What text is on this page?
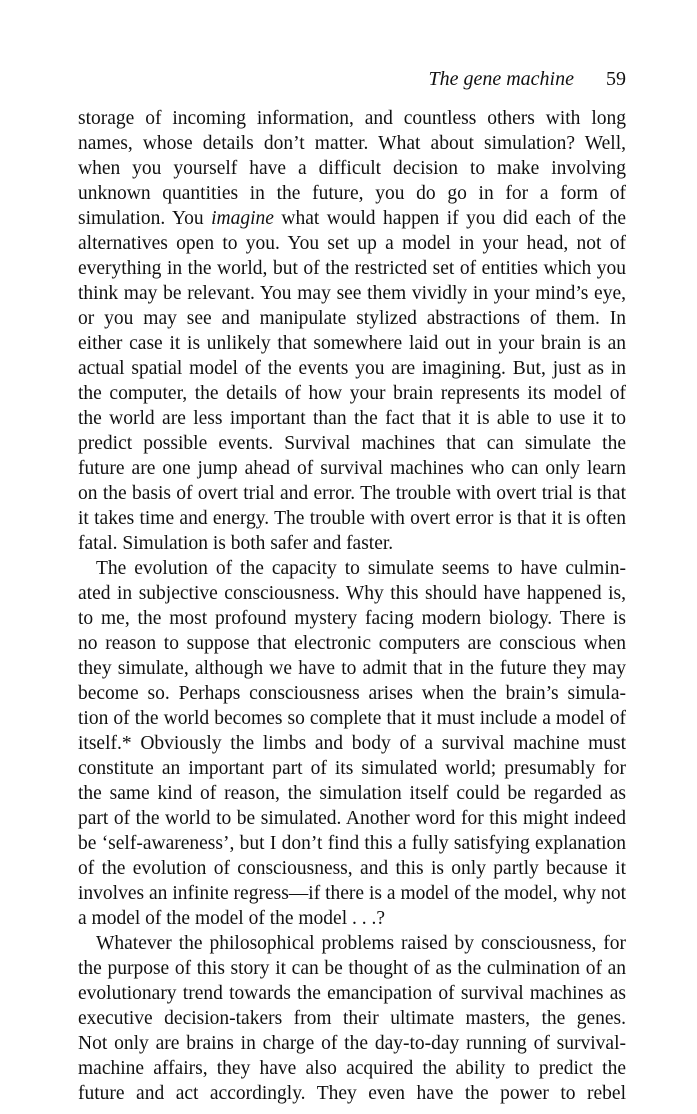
The gene machine 59
storage of incoming information, and countless others with long
names, whose details don’t matter. What about simulation? Well,
when you yourself have a difficult decision to make involving
unknown quantities in the future, you do go in for a form of
simulation. You imagine what would happen if you did each of the
alternatives open to you. You set up a model in your head, not of
everything in the world, but of the restricted set of entities which you
think may be relevant. You may see them vividly in your mind’s eye,
or you may see and manipulate stylized abstractions of them. In
either case it is unlikely that somewhere laid out in your brain is an
actual spatial model of the events you are imagining. But, just as in
the computer, the details of how your brain represents its model of
the world are less important than the fact that it is able to use it to
predict possible events. Survival machines that can simulate the
future are one jump ahead of survival machines who can only learn
on the basis of overt trial and error. The trouble with overt trial is that
it takes time and energy. The trouble with overt error is that it is often
fatal. Simulation is both safer and faster.
The evolution of the capacity to simulate seems to have culmin-
ated in subjective consciousness. Why this should have happened is,
to me, the most profound mystery facing modern biology. There is
no reason to suppose that electronic computers are conscious when
they simulate, although we have to admit that in the future they may
become so. Perhaps consciousness arises when the brain’s simula-
tion of the world becomes so complete that it must include a model of
itself.* Obviously the limbs and body of a survival machine must
constitute an important part of its simulated world; presumably for
the same kind of reason, the simulation itself could be regarded as
part of the world to be simulated. Another word for this might indeed
be ‘self-awareness’, but I don’t find this a fully satisfying explanation
of the evolution of consciousness, and this is only partly because it
involves an infinite regress—if there is a model of the model, why not
a model of the model of the model . . .?
Whatever the philosophical problems raised by consciousness, for
the purpose of this story it can be thought of as the culmination of an
evolutionary trend towards the emancipation of survival machines as
executive decision-takers from their ultimate masters, the genes.
Not only are brains in charge of the day-to-day running of survival-
machine affairs, they have also acquired the ability to predict the
future and act accordingly. They even have the power to rebel
